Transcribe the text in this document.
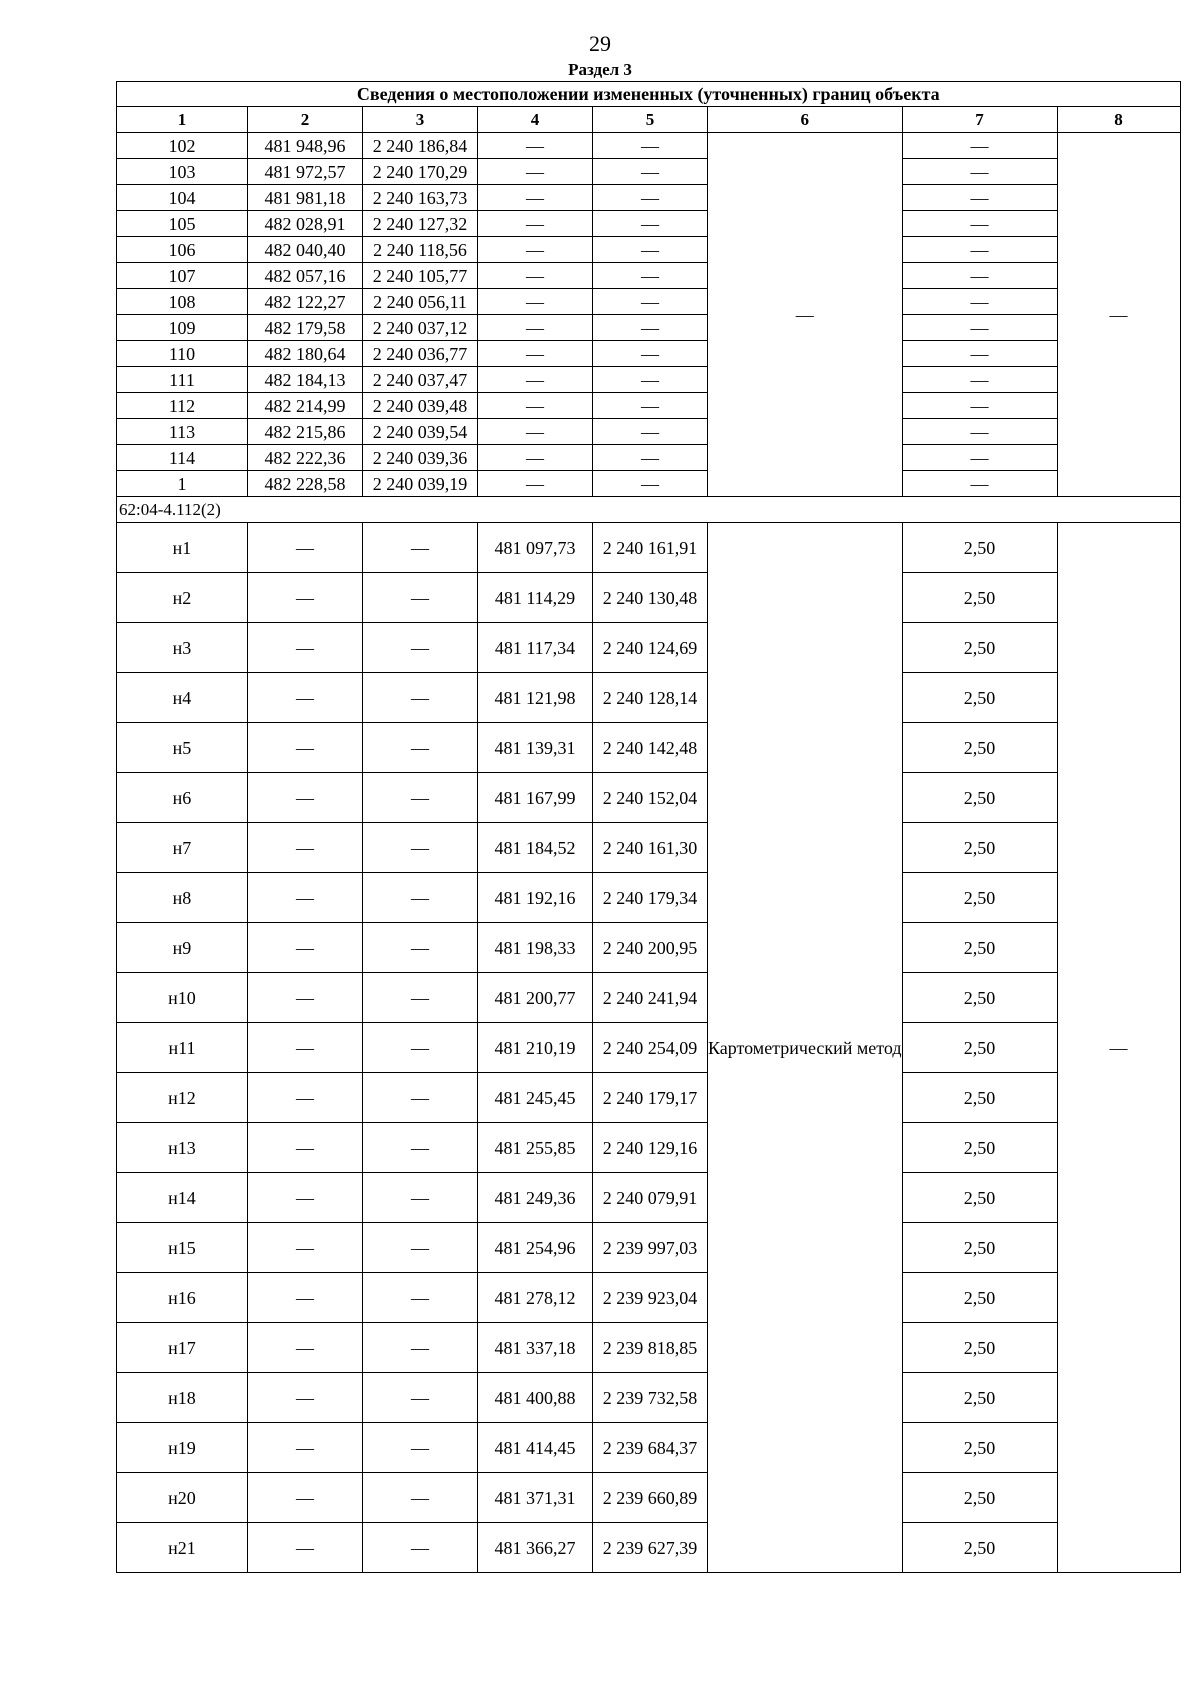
29
Раздел 3
Сведения о местоположении измененных (уточненных) границ объекта							
1	2	3	4	5	6	7	8
102	481 948,96	2 240 186,84	—	—	—	—	—
103	481 972,57	2 240 170,29	—	—		—	
104	481 981,18	2 240 163,73	—	—		—	
105	482 028,91	2 240 127,32	—	—		—	
106	482 040,40	2 240 118,56	—	—		—	
107	482 057,16	2 240 105,77	—	—		—	
108	482 122,27	2 240 056,11	—	—		—	
109	482 179,58	2 240 037,12	—	—		—	
110	482 180,64	2 240 036,77	—	—		—	
111	482 184,13	2 240 037,47	—	—		—	
112	482 214,99	2 240 039,48	—	—		—	
113	482 215,86	2 240 039,54	—	—		—	
114	482 222,36	2 240 039,36	—	—		—	
1	482 228,58	2 240 039,19	—	—		—	
62:04-4.112(2)							
н1	—	—	481 097,73	2 240 161,91	Картометрический метод	2,50	—
н2	—	—	481 114,29	2 240 130,48		2,50	
н3	—	—	481 117,34	2 240 124,69		2,50	
н4	—	—	481 121,98	2 240 128,14		2,50	
н5	—	—	481 139,31	2 240 142,48		2,50	
н6	—	—	481 167,99	2 240 152,04		2,50	
н7	—	—	481 184,52	2 240 161,30		2,50	
н8	—	—	481 192,16	2 240 179,34		2,50	
н9	—	—	481 198,33	2 240 200,95		2,50	
н10	—	—	481 200,77	2 240 241,94		2,50	
н11	—	—	481 210,19	2 240 254,09		2,50	
н12	—	—	481 245,45	2 240 179,17		2,50	
н13	—	—	481 255,85	2 240 129,16		2,50	
н14	—	—	481 249,36	2 240 079,91		2,50	
н15	—	—	481 254,96	2 239 997,03		2,50	
н16	—	—	481 278,12	2 239 923,04		2,50	
н17	—	—	481 337,18	2 239 818,85		2,50	
н18	—	—	481 400,88	2 239 732,58		2,50	
н19	—	—	481 414,45	2 239 684,37		2,50	
н20	—	—	481 371,31	2 239 660,89		2,50	
н21	—	—	481 366,27	2 239 627,39		2,50	
